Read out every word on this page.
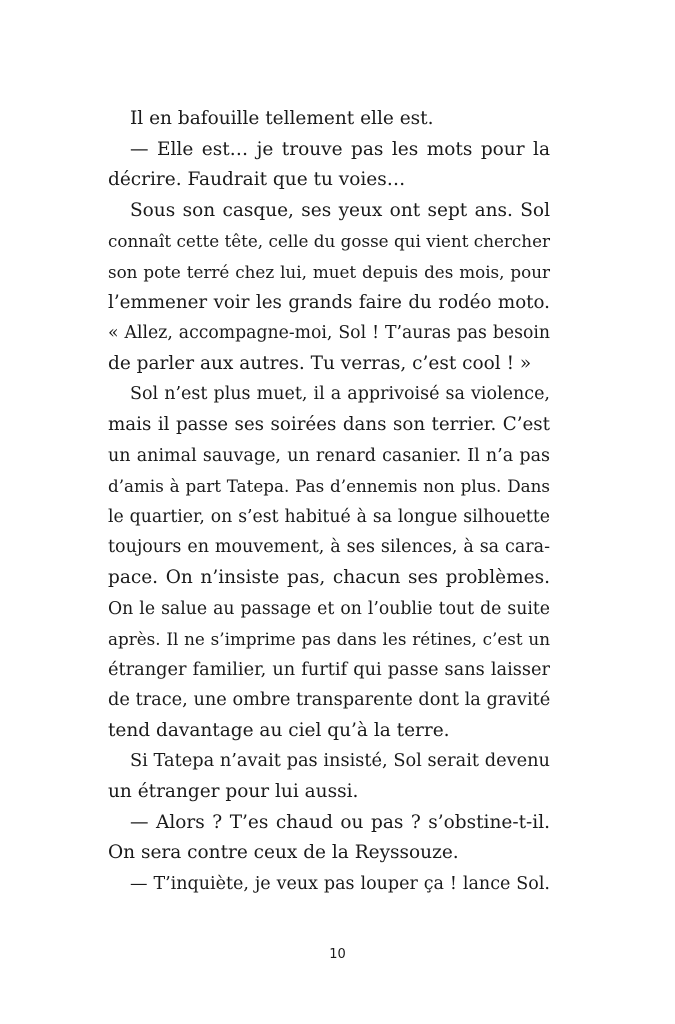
Il en bafouille tellement elle est.
— Elle est… je trouve pas les mots pour la
décrire. Faudrait que tu voies…
Sous son casque, ses yeux ont sept ans. Sol
connaît cette tête, celle du gosse qui vient chercher
son pote terré chez lui, muet depuis des mois, pour
l’emmener voir les grands faire du rodéo moto.
« Allez, accompagne-moi, Sol ! T’auras pas besoin
de parler aux autres. Tu verras, c’est cool ! »
Sol n’est plus muet, il a apprivoisé sa violence,
mais il passe ses soirées dans son terrier. C’est
un animal sauvage, un renard casanier. Il n’a pas
d’amis à part Tatepa. Pas d’ennemis non plus. Dans
le quartier, on s’est habitué à sa longue silhouette
toujours en mouvement, à ses silences, à sa cara-
pace. On n’insiste pas, chacun ses problèmes.
On le salue au passage et on l’oublie tout de suite
après. Il ne s’imprime pas dans les rétines, c’est un
étranger familier, un furtif qui passe sans laisser
de trace, une ombre transparente dont la gravité
tend davantage au ciel qu’à la terre.
Si Tatepa n’avait pas insisté, Sol serait devenu
un étranger pour lui aussi.
— Alors ? T’es chaud ou pas ? s’obstine-t-il.
On sera contre ceux de la Reyssouze.
— T’inquiète, je veux pas louper ça ! lance Sol.
10
